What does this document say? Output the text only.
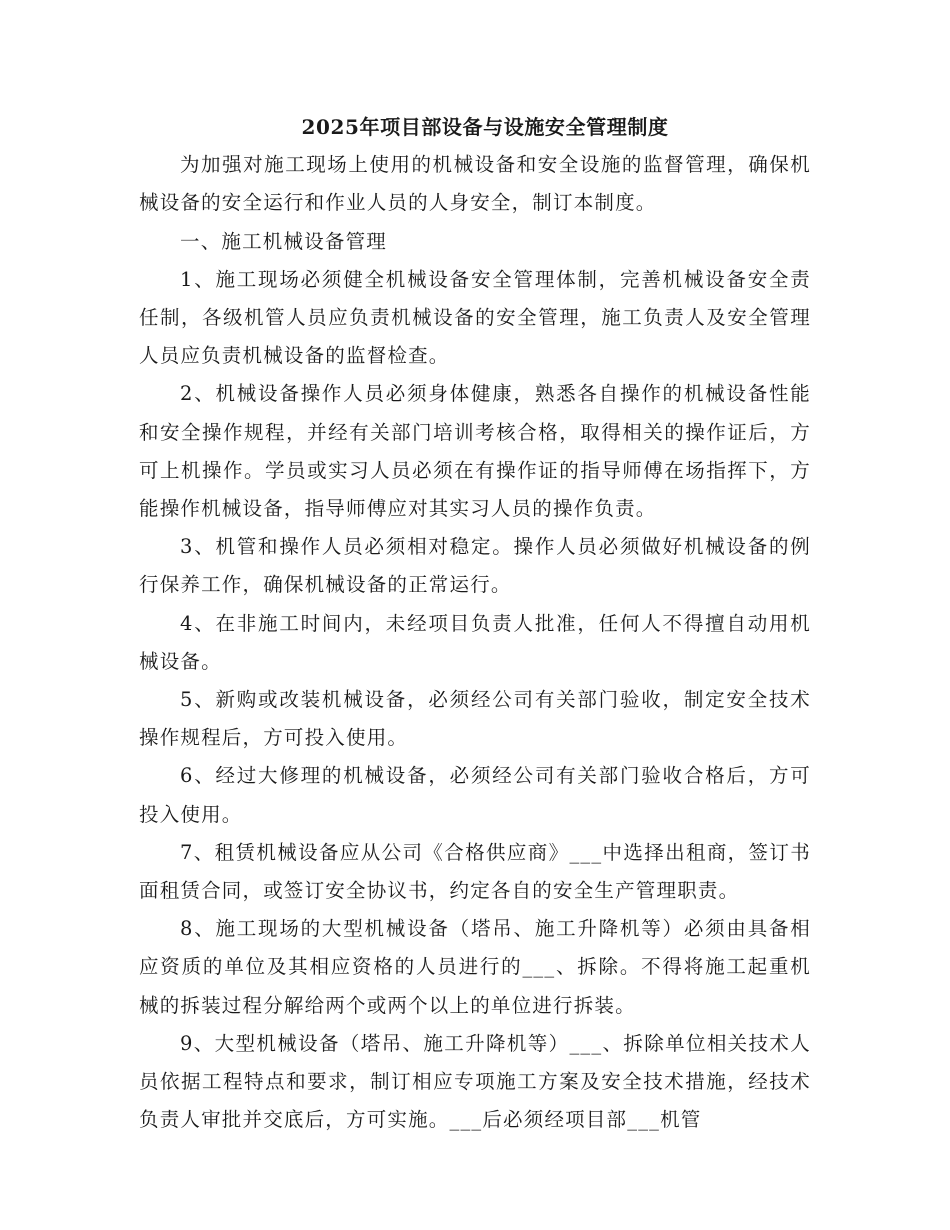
2025年项目部设备与设施安全管理制度

为加强对施工现场上使用的机械设备和安全设施的监督管理，确保机械设备的安全运行和作业人员的人身安全，制订本制度。

一、施工机械设备管理

1、施工现场必须健全机械设备安全管理体制，完善机械设备安全责任制，各级机管人员应负责机械设备的安全管理，施工负责人及安全管理人员应负责机械设备的监督检查。

2、机械设备操作人员必须身体健康，熟悉各自操作的机械设备性能和安全操作规程，并经有关部门培训考核合格，取得相关的操作证后，方可上机操作。学员或实习人员必须在有操作证的指导师傅在场指挥下，方能操作机械设备，指导师傅应对其实习人员的操作负责。

3、机管和操作人员必须相对稳定。操作人员必须做好机械设备的例行保养工作，确保机械设备的正常运行。

4、在非施工时间内，未经项目负责人批准，任何人不得擅自动用机械设备。

5、新购或改装机械设备，必须经公司有关部门验收，制定安全技术操作规程后，方可投入使用。

6、经过大修理的机械设备，必须经公司有关部门验收合格后，方可投入使用。

7、租赁机械设备应从公司《合格供应商》___中选择出租商，签订书面租赁合同，或签订安全协议书，约定各自的安全生产管理职责。

8、施工现场的大型机械设备（塔吊、施工升降机等）必须由具备相应资质的单位及其相应资格的人员进行的___、拆除。不得将施工起重机械的拆装过程分解给两个或两个以上的单位进行拆装。

9、大型机械设备（塔吊、施工升降机等）___、拆除单位相关技术人员依据工程特点和要求，制订相应专项施工方案及安全技术措施，经技术负责人审批并交底后，方可实施。___后必须经项目部___机管
